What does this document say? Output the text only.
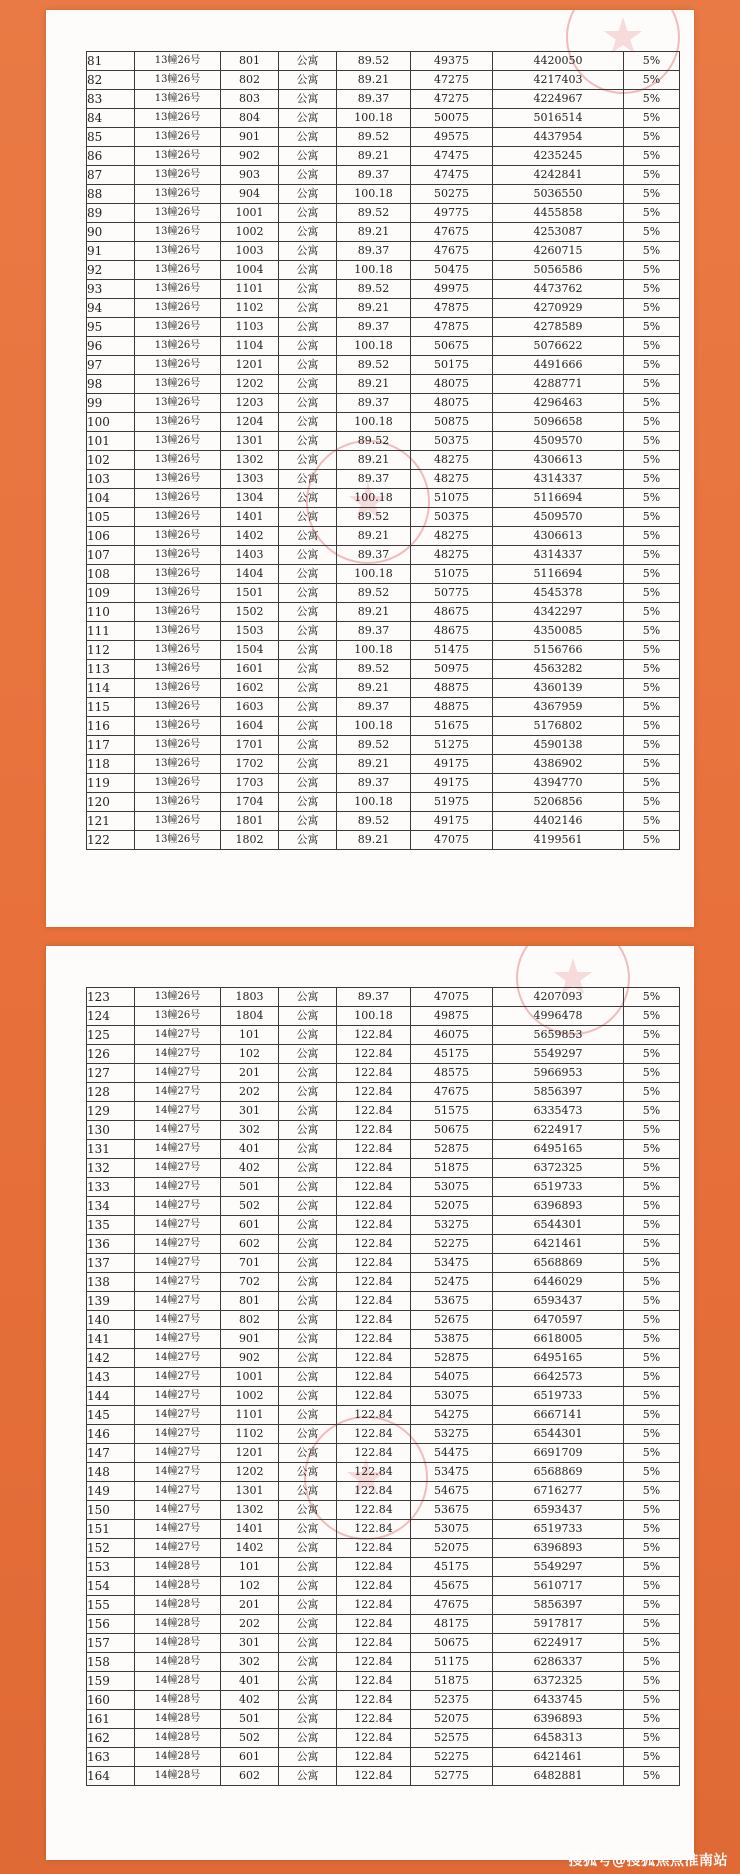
81	13幢26号	801	公寓	89.52	49375	4420050	5%
82	13幢26号	802	公寓	89.21	47275	4217403	5%
83	13幢26号	803	公寓	89.37	47275	4224967	5%
84	13幢26号	804	公寓	100.18	50075	5016514	5%
85	13幢26号	901	公寓	89.52	49575	4437954	5%
86	13幢26号	902	公寓	89.21	47475	4235245	5%
87	13幢26号	903	公寓	89.37	47475	4242841	5%
88	13幢26号	904	公寓	100.18	50275	5036550	5%
89	13幢26号	1001	公寓	89.52	49775	4455858	5%
90	13幢26号	1002	公寓	89.21	47675	4253087	5%
91	13幢26号	1003	公寓	89.37	47675	4260715	5%
92	13幢26号	1004	公寓	100.18	50475	5056586	5%
93	13幢26号	1101	公寓	89.52	49975	4473762	5%
94	13幢26号	1102	公寓	89.21	47875	4270929	5%
95	13幢26号	1103	公寓	89.37	47875	4278589	5%
96	13幢26号	1104	公寓	100.18	50675	5076622	5%
97	13幢26号	1201	公寓	89.52	50175	4491666	5%
98	13幢26号	1202	公寓	89.21	48075	4288771	5%
99	13幢26号	1203	公寓	89.37	48075	4296463	5%
100	13幢26号	1204	公寓	100.18	50875	5096658	5%
101	13幢26号	1301	公寓	89.52	50375	4509570	5%
102	13幢26号	1302	公寓	89.21	48275	4306613	5%
103	13幢26号	1303	公寓	89.37	48275	4314337	5%
104	13幢26号	1304	公寓	100.18	51075	5116694	5%
105	13幢26号	1401	公寓	89.52	50375	4509570	5%
106	13幢26号	1402	公寓	89.21	48275	4306613	5%
107	13幢26号	1403	公寓	89.37	48275	4314337	5%
108	13幢26号	1404	公寓	100.18	51075	5116694	5%
109	13幢26号	1501	公寓	89.52	50775	4545378	5%
110	13幢26号	1502	公寓	89.21	48675	4342297	5%
111	13幢26号	1503	公寓	89.37	48675	4350085	5%
112	13幢26号	1504	公寓	100.18	51475	5156766	5%
113	13幢26号	1601	公寓	89.52	50975	4563282	5%
114	13幢26号	1602	公寓	89.21	48875	4360139	5%
115	13幢26号	1603	公寓	89.37	48875	4367959	5%
116	13幢26号	1604	公寓	100.18	51675	5176802	5%
117	13幢26号	1701	公寓	89.52	51275	4590138	5%
118	13幢26号	1702	公寓	89.21	49175	4386902	5%
119	13幢26号	1703	公寓	89.37	49175	4394770	5%
120	13幢26号	1704	公寓	100.18	51975	5206856	5%
121	13幢26号	1801	公寓	89.52	49175	4402146	5%
122	13幢26号	1802	公寓	89.21	47075	4199561	5%
123	13幢26号	1803	公寓	89.37	47075	4207093	5%
124	13幢26号	1804	公寓	100.18	49875	4996478	5%
125	14幢27号	101	公寓	122.84	46075	5659853	5%
126	14幢27号	102	公寓	122.84	45175	5549297	5%
127	14幢27号	201	公寓	122.84	48575	5966953	5%
128	14幢27号	202	公寓	122.84	47675	5856397	5%
129	14幢27号	301	公寓	122.84	51575	6335473	5%
130	14幢27号	302	公寓	122.84	50675	6224917	5%
131	14幢27号	401	公寓	122.84	52875	6495165	5%
132	14幢27号	402	公寓	122.84	51875	6372325	5%
133	14幢27号	501	公寓	122.84	53075	6519733	5%
134	14幢27号	502	公寓	122.84	52075	6396893	5%
135	14幢27号	601	公寓	122.84	53275	6544301	5%
136	14幢27号	602	公寓	122.84	52275	6421461	5%
137	14幢27号	701	公寓	122.84	53475	6568869	5%
138	14幢27号	702	公寓	122.84	52475	6446029	5%
139	14幢27号	801	公寓	122.84	53675	6593437	5%
140	14幢27号	802	公寓	122.84	52675	6470597	5%
141	14幢27号	901	公寓	122.84	53875	6618005	5%
142	14幢27号	902	公寓	122.84	52875	6495165	5%
143	14幢27号	1001	公寓	122.84	54075	6642573	5%
144	14幢27号	1002	公寓	122.84	53075	6519733	5%
145	14幢27号	1101	公寓	122.84	54275	6667141	5%
146	14幢27号	1102	公寓	122.84	53275	6544301	5%
147	14幢27号	1201	公寓	122.84	54475	6691709	5%
148	14幢27号	1202	公寓	122.84	53475	6568869	5%
149	14幢27号	1301	公寓	122.84	54675	6716277	5%
150	14幢27号	1302	公寓	122.84	53675	6593437	5%
151	14幢27号	1401	公寓	122.84	53075	6519733	5%
152	14幢27号	1402	公寓	122.84	52075	6396893	5%
153	14幢28号	101	公寓	122.84	45175	5549297	5%
154	14幢28号	102	公寓	122.84	45675	5610717	5%
155	14幢28号	201	公寓	122.84	47675	5856397	5%
156	14幢28号	202	公寓	122.84	48175	5917817	5%
157	14幢28号	301	公寓	122.84	50675	6224917	5%
158	14幢28号	302	公寓	122.84	51175	6286337	5%
159	14幢28号	401	公寓	122.84	51875	6372325	5%
160	14幢28号	402	公寓	122.84	52375	6433745	5%
161	14幢28号	501	公寓	122.84	52075	6396893	5%
162	14幢28号	502	公寓	122.84	52575	6458313	5%
163	14幢28号	601	公寓	122.84	52275	6421461	5%
164	14幢28号	602	公寓	122.84	52775	6482881	5%
搜狐号@搜狐焦点淮南站
